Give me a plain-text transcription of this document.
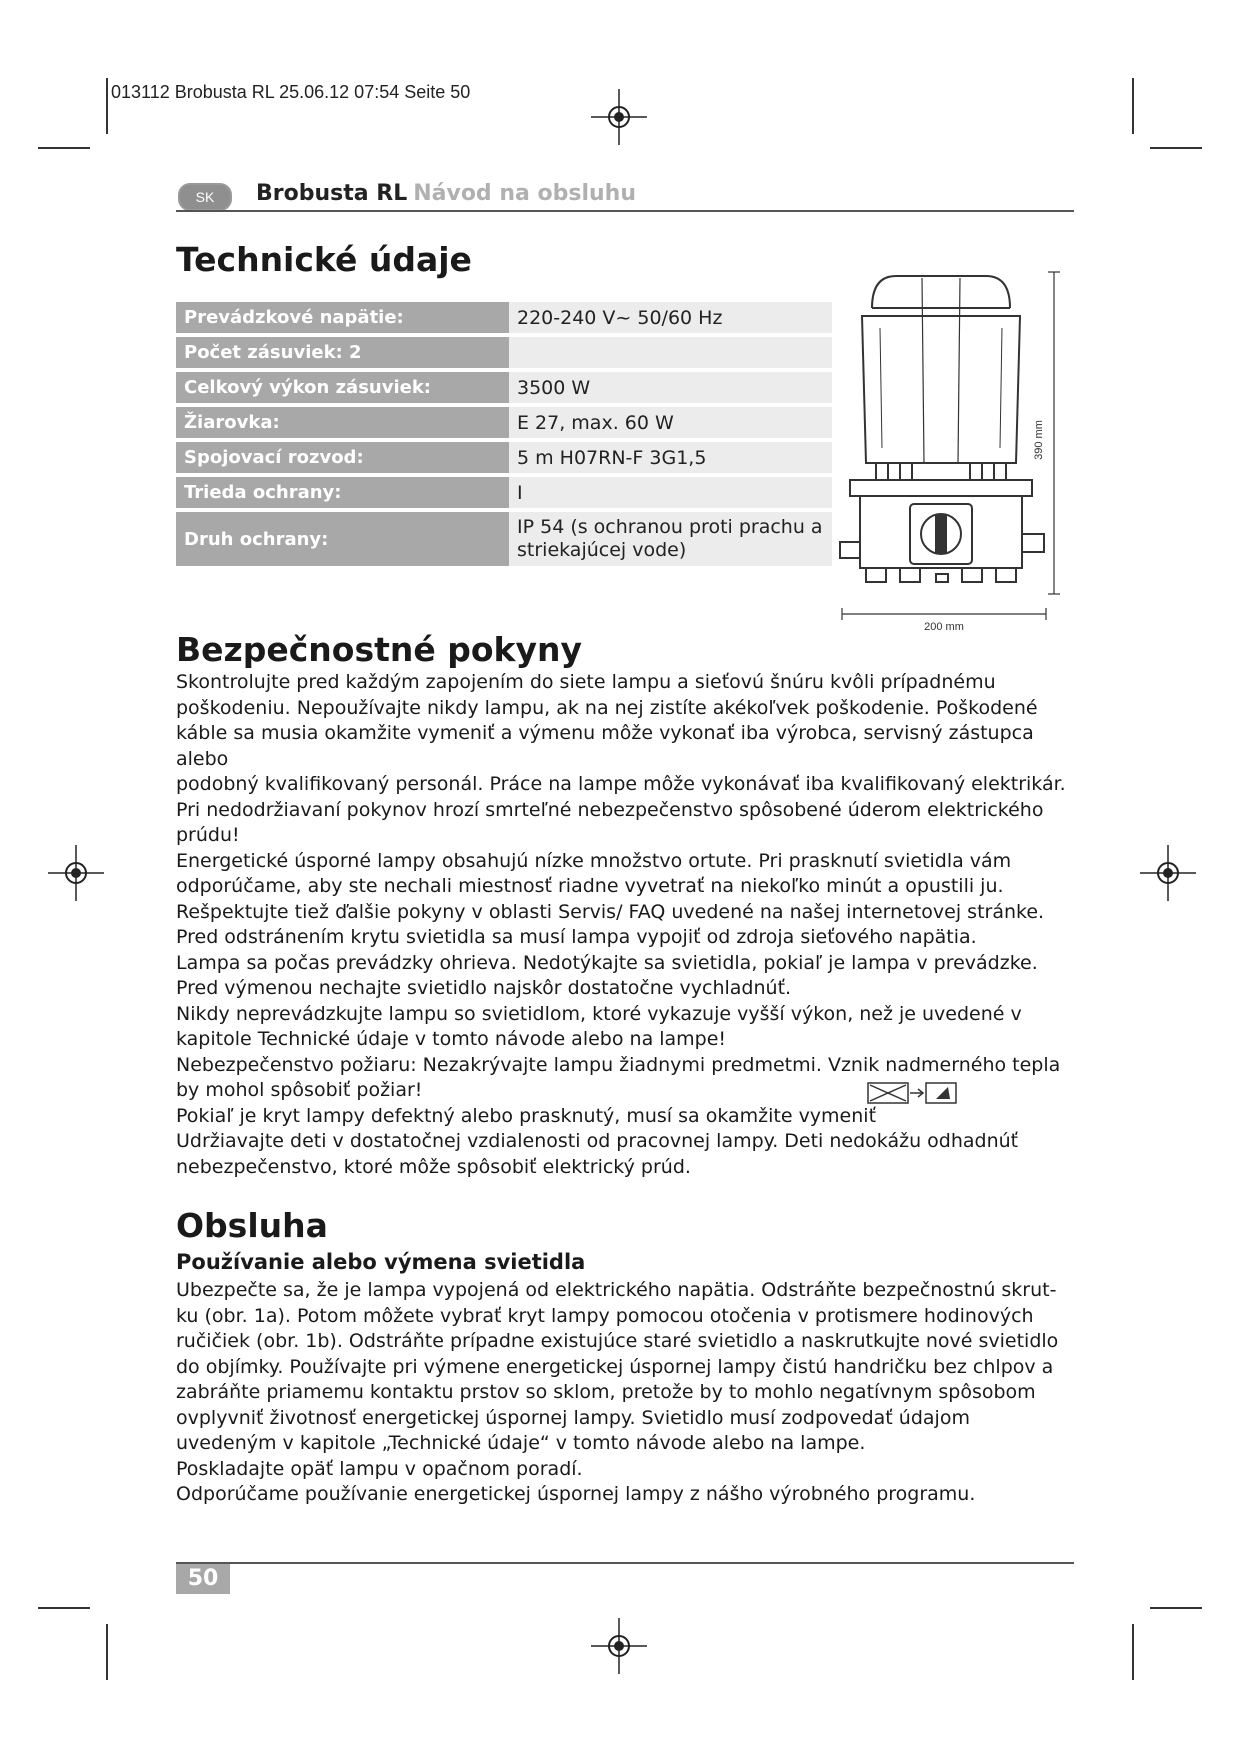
013112 Brobusta RL 25.06.12 07:54 Seite 50
SK	Brobusta RL Návod na obsluhu
Technické údaje
Prevádzkové napätie:	220-240 V~ 50/60 Hz
Počet zásuviek: 2	
Celkový výkon zásuviek:	3500 W
Žiarovka:	E 27, max. 60 W
Spojovací rozvod:	5 m H07RN-F 3G1,5
Trieda ochrany:	I
Druh ochrany:	IP 54 (s ochranou proti prachu a striekajúcej vode)
390 mm
200 mm
Bezpečnostné pokyny
Skontrolujte pred každým zapojením do siete lampu a sieťovú šnúru kvôli prípadnému
poškodeniu. Nepoužívajte nikdy lampu, ak na nej zistíte akékoľvek poškodenie. Poškodené
káble sa musia okamžite vymeniť a výmenu môže vykonať iba výrobca, servisný zástupca alebo
podobný kvalifikovaný personál. Práce na lampe môže vykonávať iba kvalifikovaný elektrikár.
Pri nedodržiavaní pokynov hrozí smrteľné nebezpečenstvo spôsobené úderom elektrického
prúdu!
Energetické úsporné lampy obsahujú nízke množstvo ortute. Pri prasknutí svietidla vám
odporúčame, aby ste nechali miestnosť riadne vyvetrať na niekoľko minút a opustili ju.
Rešpektujte tiež ďalšie pokyny v oblasti Servis/ FAQ uvedené na našej internetovej stránke.
Pred odstránením krytu svietidla sa musí lampa vypojiť od zdroja sieťového napätia.
Lampa sa počas prevádzky ohrieva. Nedotýkajte sa svietidla, pokiaľ je lampa v prevádzke.
Pred výmenou nechajte svietidlo najskôr dostatočne vychladnúť.
Nikdy neprevádzkujte lampu so svietidlom, ktoré vykazuje vyšší výkon, než je uvedené v
kapitole Technické údaje v tomto návode alebo na lampe!
Nebezpečenstvo požiaru: Nezakrývajte lampu žiadnymi predmetmi. Vznik nadmerného tepla
by mohol spôsobiť požiar!
Pokiaľ je kryt lampy defektný alebo prasknutý, musí sa okamžite vymeniť
Udržiavajte deti v dostatočnej vzdialenosti od pracovnej lampy. Deti nedokážu odhadnúť
nebezpečenstvo, ktoré môže spôsobiť elektrický prúd.
Obsluha
Používanie alebo výmena svietidla
Ubezpečte sa, že je lampa vypojená od elektrického napätia. Odstráňte bezpečnostnú skrut-
ku (obr. 1a). Potom môžete vybrať kryt lampy pomocou otočenia v protismere hodinových
ručičiek (obr. 1b). Odstráňte prípadne existujúce staré svietidlo a naskrutkujte nové svietidlo
do objímky. Používajte pri výmene energetickej úspornej lampy čistú handričku bez chlpov a
zabráňte priamemu kontaktu prstov so sklom, pretože by to mohlo negatívnym spôsobom
ovplyvniť životnosť energetickej úspornej lampy. Svietidlo musí zodpovedať údajom
uvedeným v kapitole „Technické údaje“ v tomto návode alebo na lampe.
Poskladajte opäť lampu v opačnom poradí.
Odporúčame používanie energetickej úspornej lampy z nášho výrobného programu.
50
